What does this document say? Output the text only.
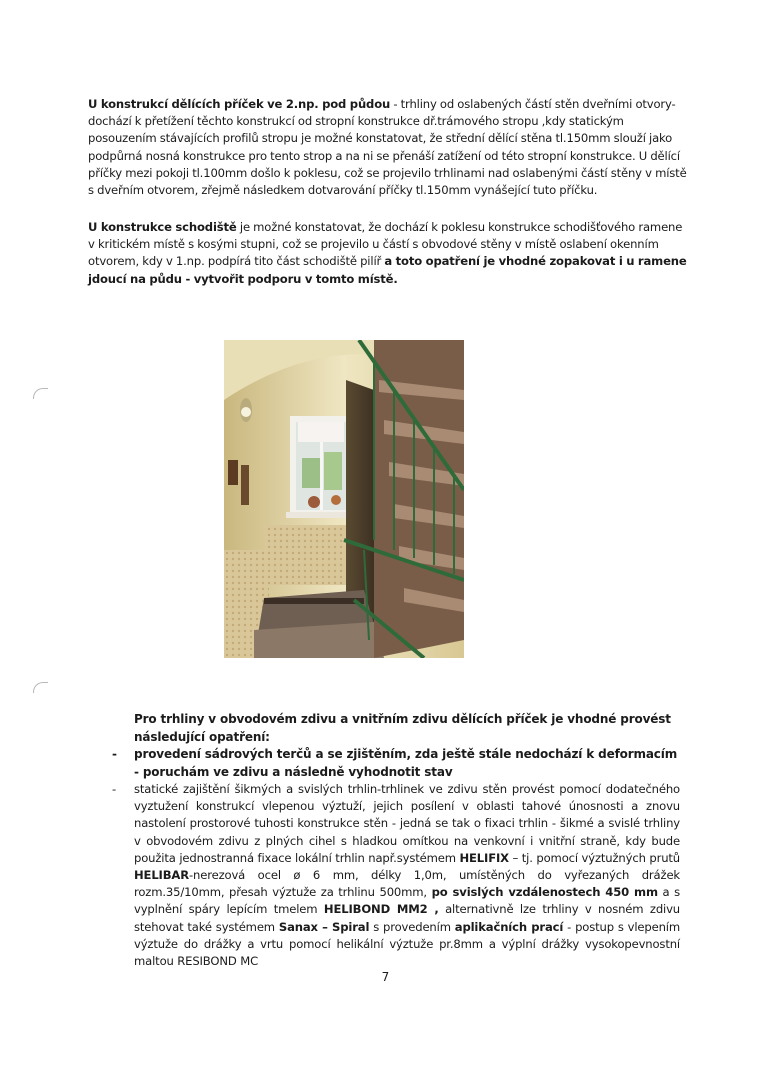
U konstrukcí dělících příček ve 2.np. pod půdou - trhliny od oslabených částí stěn dveřními otvory- dochází k přetížení těchto konstrukcí od stropní konstrukce dř.trámového stropu ,kdy statickým posouzením stávajících profilů stropu je možné konstatovat, že střední dělící stěna tl.150mm slouží jako podpůrná nosná konstrukce pro tento strop a na ni se přenáší zatížení od této stropní konstrukce. U dělící příčky mezi pokoji tl.100mm došlo k poklesu, což se projevilo trhlinami nad oslabenými částí stěny v místě s dveřním otvorem, zřejmě následkem dotvarování příčky tl.150mm vynášející tuto příčku.
U konstrukce schodiště je možné konstatovat, že dochází k poklesu konstrukce schodišťového ramene v kritickém místě s kosými stupni, což se projevilo u částí s obvodové stěny v místě oslabení okenním otvorem, kdy v 1.np. podpírá tito část schodiště pilíř a toto opatření je vhodné zopakovat i u ramene jdoucí na půdu - vytvořit podporu v tomto místě.
Pro trhliny v obvodovém zdivu a vnitřním zdivu dělících příček je vhodné provést následující opatření:
- provedení sádrových terčů a se zjištěním, zda ještě stále nedochází k deformacím - poruchám ve zdivu a následně vyhodnotit stav
- statické zajištění šikmých a svislých trhlin-trhlinek ve zdivu stěn provést pomocí dodatečného vyztužení konstrukcí vlepenou výztuží, jejich posílení v oblasti tahové únosnosti a znovu nastolení prostorové tuhosti konstrukce stěn - jedná se tak o fixaci trhlin - šikmé a svislé trhliny v obvodovém zdivu z plných cihel s hladkou omítkou na venkovní i vnitřní straně, kdy bude použita jednostranná fixace lokální trhlin např.systémem HELIFIX – tj. pomocí výztužných prutů HELIBAR-nerezová ocel ø 6 mm, délky 1,0m, umístěných do vyřezaných drážek rozm.35/10mm, přesah výztuže za trhlinu 500mm, po svislých vzdálenostech 450 mm a s vyplnění spáry lepícím tmelem HELIBOND MM2 , alternativně lze trhliny v nosném zdivu stehovat také systémem Sanax – Spiral s provedením aplikačních prací - postup s vlepením výztuže do drážky a vrtu pomocí helikální výztuže pr.8mm a výplní drážky vysokopevnostní maltou RESIBOND MC
7
